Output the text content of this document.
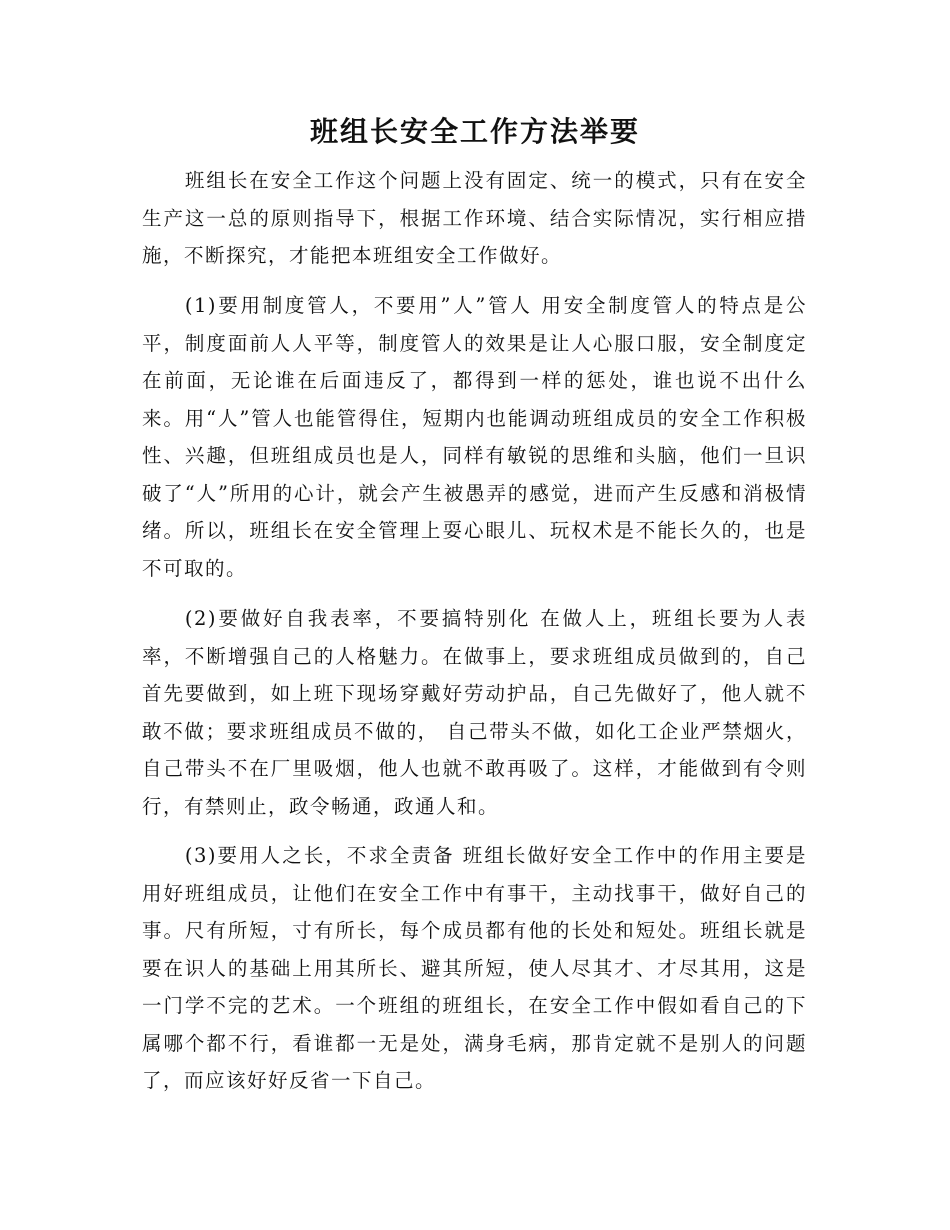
班组长安全工作方法举要

班组长在安全工作这个问题上没有固定、统一的模式，只有在安全生产这一总的原则指导下，根据工作环境、结合实际情况，实行相应措施，不断探究，才能把本班组安全工作做好。

(1)要用制度管人，不要用”人”管人 用安全制度管人的特点是公平，制度面前人人平等，制度管人的效果是让人心服口服，安全制度定在前面，无论谁在后面违反了，都得到一样的惩处，谁也说不出什么来。用“人”管人也能管得住，短期内也能调动班组成员的安全工作积极性、兴趣，但班组成员也是人，同样有敏锐的思维和头脑，他们一旦识破了“人”所用的心计，就会产生被愚弄的感觉，进而产生反感和消极情绪。所以，班组长在安全管理上耍心眼儿、玩权术是不能长久的，也是不可取的。

(2)要做好自我表率，不要搞特别化 在做人上，班组长要为人表率，不断增强自己的人格魅力。在做事上，要求班组成员做到的，自己首先要做到，如上班下现场穿戴好劳动护品，自己先做好了，他人就不敢不做；要求班组成员不做的， 自己带头不做，如化工企业严禁烟火，自己带头不在厂里吸烟，他人也就不敢再吸了。这样，才能做到有令则行，有禁则止，政令畅通，政通人和。

(3)要用人之长，不求全责备 班组长做好安全工作中的作用主要是用好班组成员，让他们在安全工作中有事干，主动找事干，做好自己的事。尺有所短，寸有所长，每个成员都有他的长处和短处。班组长就是要在识人的基础上用其所长、避其所短，使人尽其才、才尽其用，这是一门学不完的艺术。一个班组的班组长，在安全工作中假如看自己的下属哪个都不行，看谁都一无是处，满身毛病，那肯定就不是别人的问题了，而应该好好反省一下自己。
